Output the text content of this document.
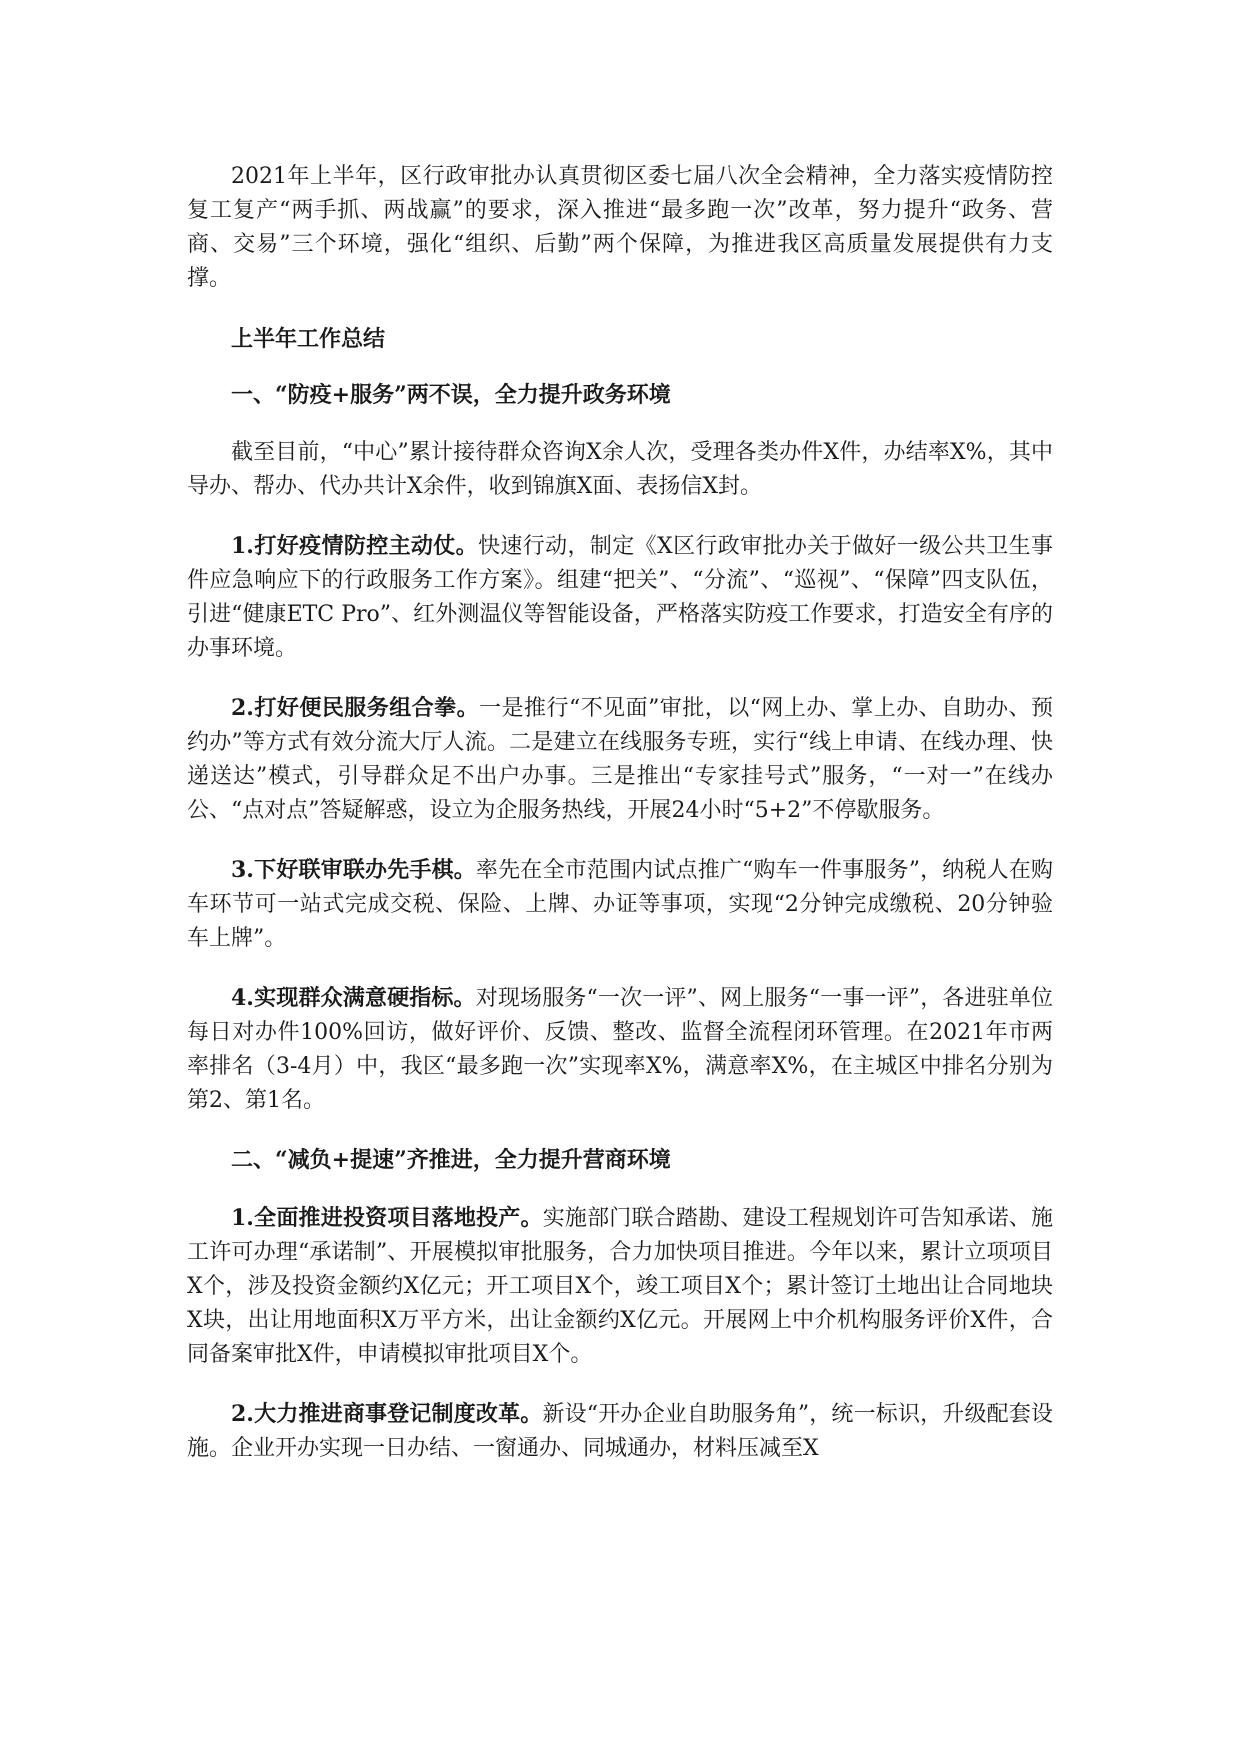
2021年上半年，区行政审批办认真贯彻区委七届八次全会精神，全力落实疫情防控复工复产“两手抓、两战赢”的要求，深入推进“最多跑一次”改革，努力提升“政务、营商、交易”三个环境，强化“组织、后勤”两个保障，为推进我区高质量发展提供有力支撑。

上半年工作总结

一、“防疫+服务”两不误，全力提升政务环境

截至目前，“中心”累计接待群众咨询X余人次，受理各类办件X件，办结率X%，其中导办、帮办、代办共计X余件，收到锦旗X面、表扬信X封。

1.打好疫情防控主动仗。快速行动，制定《X区行政审批办关于做好一级公共卫生事件应急响应下的行政服务工作方案》。组建“把关”、“分流”、“巡视”、“保障”四支队伍，引进“健康ETC Pro”、红外测温仪等智能设备，严格落实防疫工作要求，打造安全有序的办事环境。

2.打好便民服务组合拳。一是推行“不见面”审批，以“网上办、掌上办、自助办、预约办”等方式有效分流大厅人流。二是建立在线服务专班，实行“线上申请、在线办理、快递送达”模式，引导群众足不出户办事。三是推出“专家挂号式”服务，“一对一”在线办公、“点对点”答疑解惑，设立为企服务热线，开展24小时“5+2”不停歇服务。

3.下好联审联办先手棋。率先在全市范围内试点推广“购车一件事服务”，纳税人在购车环节可一站式完成交税、保险、上牌、办证等事项，实现“2分钟完成缴税、20分钟验车上牌”。

4.实现群众满意硬指标。对现场服务“一次一评”、网上服务“一事一评”，各进驻单位每日对办件100%回访，做好评价、反馈、整改、监督全流程闭环管理。在2021年市两率排名（3-4月）中，我区“最多跑一次”实现率X%，满意率X%，在主城区中排名分别为第2、第1名。

二、“减负+提速”齐推进，全力提升营商环境

1.全面推进投资项目落地投产。实施部门联合踏勘、建设工程规划许可告知承诺、施工许可办理“承诺制”、开展模拟审批服务，合力加快项目推进。今年以来，累计立项项目X个，涉及投资金额约X亿元；开工项目X个，竣工项目X个；累计签订土地出让合同地块X块，出让用地面积X万平方米，出让金额约X亿元。开展网上中介机构服务评价X件，合同备案审批X件，申请模拟审批项目X个。

2.大力推进商事登记制度改革。新设“开办企业自助服务角”，统一标识，升级配套设施。企业开办实现一日办结、一窗通办、同城通办，材料压减至X
